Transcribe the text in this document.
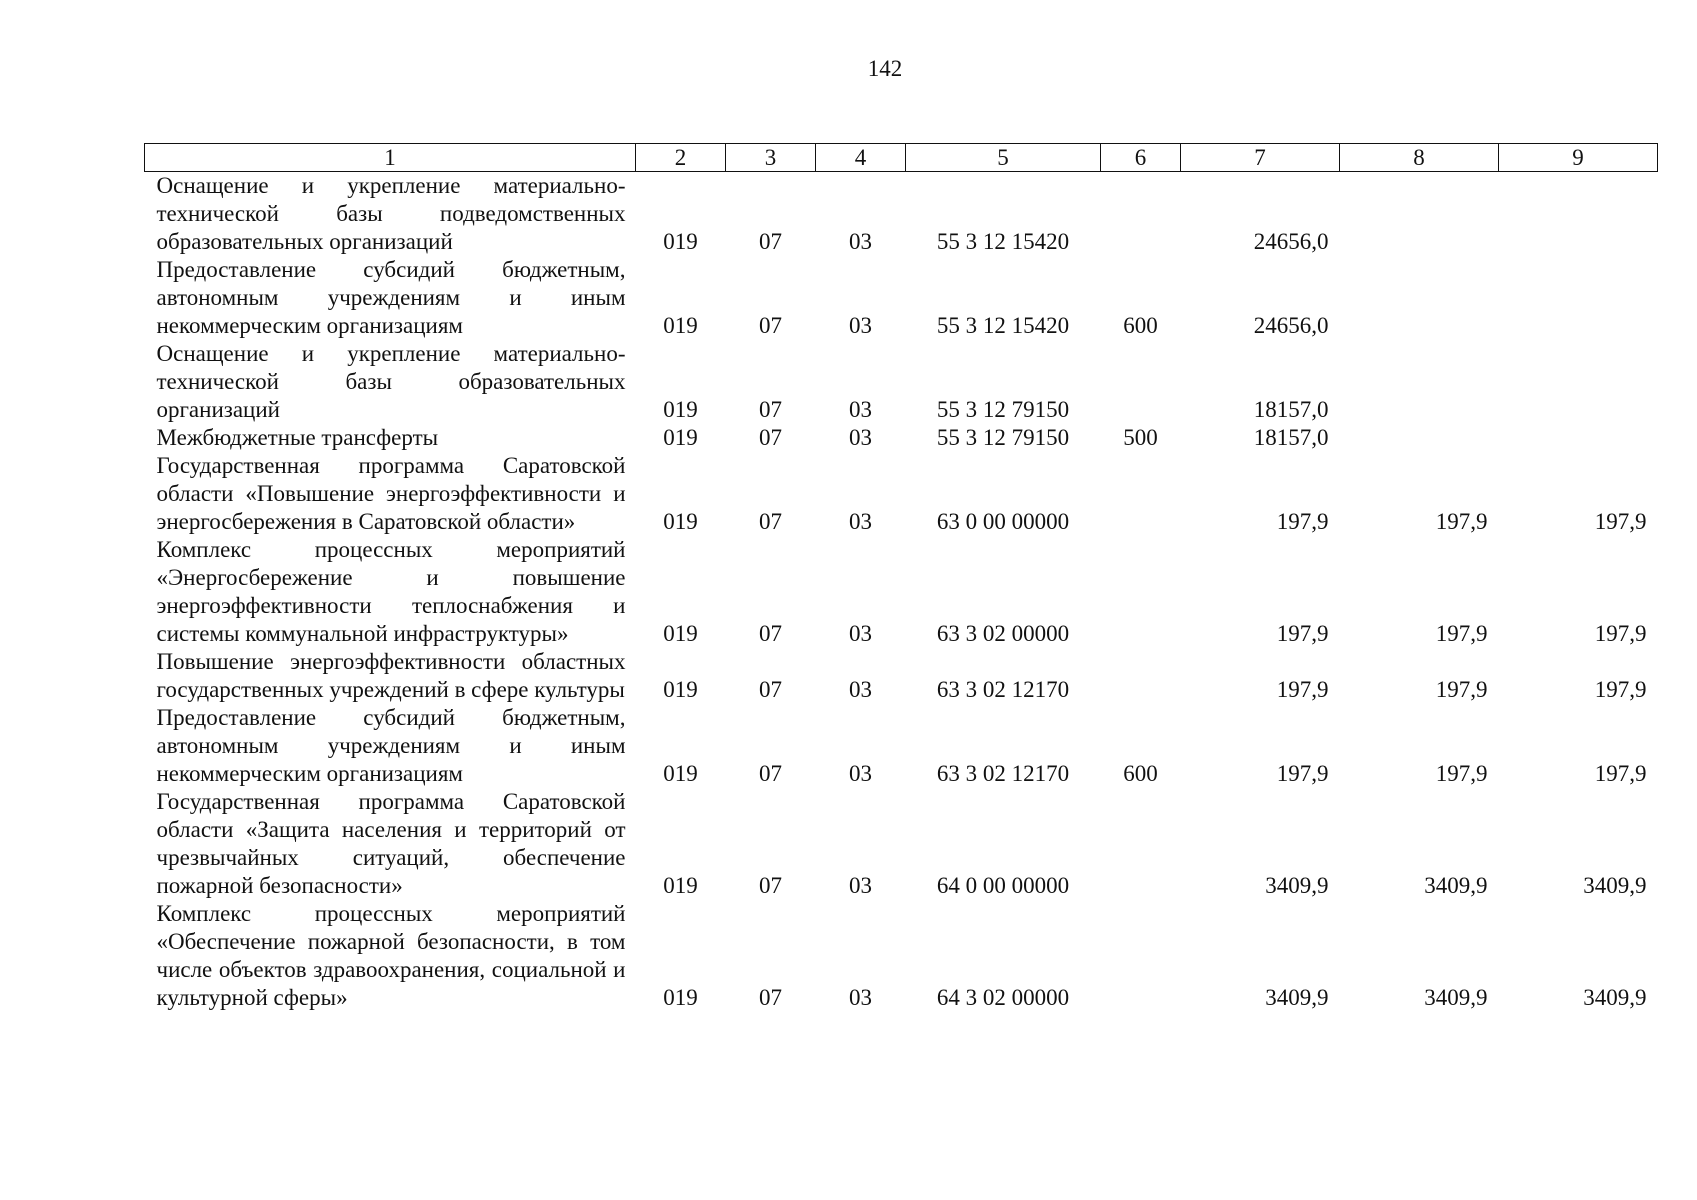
142
1	2	3	4	5	6	7	8	9
Оснащение и укрепление материально-технической базы подведомственных образовательных организаций	019	07	03	55 3 12 15420		24656,0		
Предоставление субсидий бюджетным, автономным учреждениям и иным некоммерческим организациям	019	07	03	55 3 12 15420	600	24656,0		
Оснащение и укрепление материально-технической базы образовательных организаций	019	07	03	55 3 12 79150		18157,0		
Межбюджетные трансферты	019	07	03	55 3 12 79150	500	18157,0		
Государственная программа Саратовской области «Повышение энергоэффективности и энергосбережения в Саратовской области»	019	07	03	63 0 00 00000		197,9	197,9	197,9
Комплекс процессных мероприятий «Энергосбережение и повышение энергоэффективности теплоснабжения и системы коммунальной инфраструктуры»	019	07	03	63 3 02 00000		197,9	197,9	197,9
Повышение энергоэффективности областных государственных учреждений в сфере культуры	019	07	03	63 3 02 12170		197,9	197,9	197,9
Предоставление субсидий бюджетным, автономным учреждениям и иным некоммерческим организациям	019	07	03	63 3 02 12170	600	197,9	197,9	197,9
Государственная программа Саратовской области «Защита населения и территорий от чрезвычайных ситуаций, обеспечение пожарной безопасности»	019	07	03	64 0 00 00000		3409,9	3409,9	3409,9
Комплекс процессных мероприятий «Обеспечение пожарной безопасности, в том числе объектов здравоохранения, социальной и культурной сферы»	019	07	03	64 3 02 00000		3409,9	3409,9	3409,9
